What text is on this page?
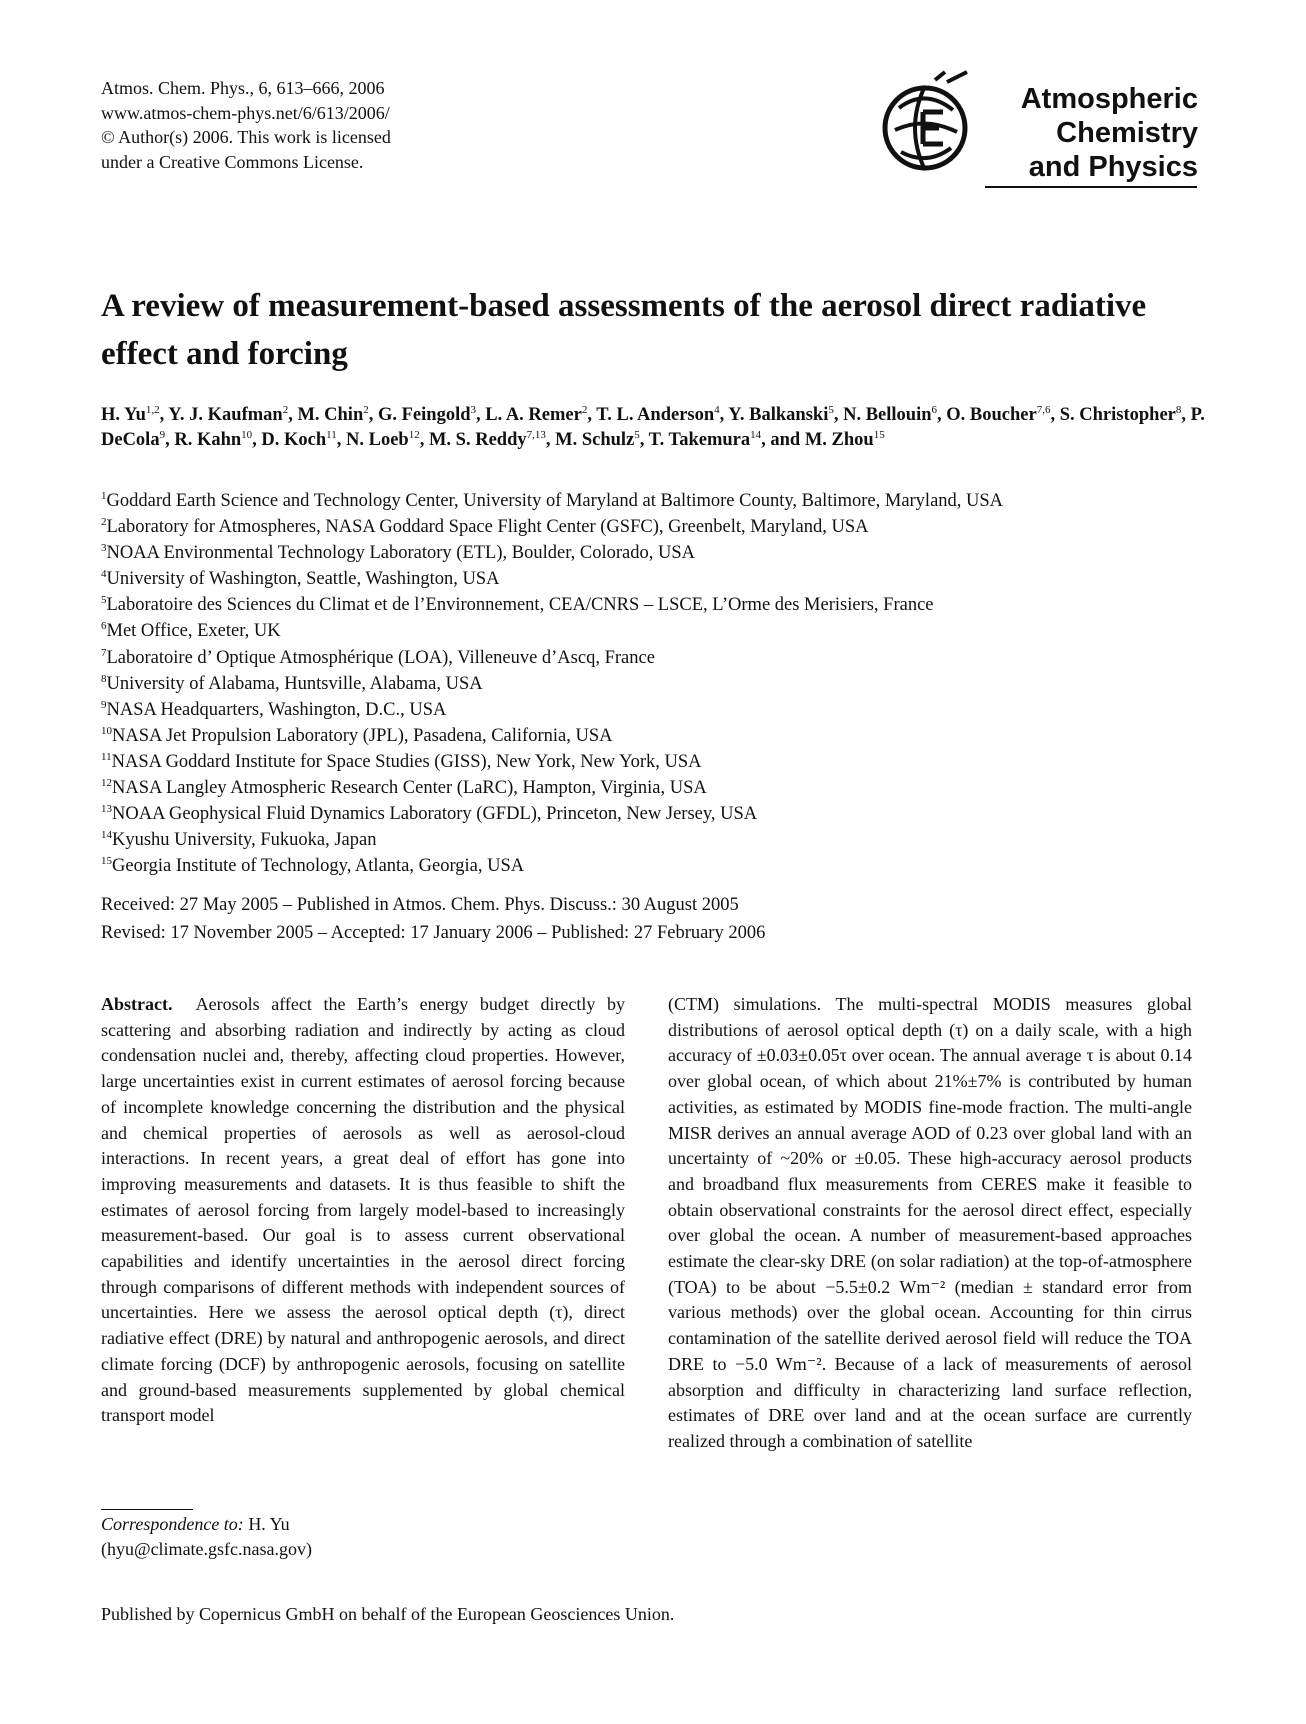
Atmos. Chem. Phys., 6, 613–666, 2006
www.atmos-chem-phys.net/6/613/2006/
© Author(s) 2006. This work is licensed
under a Creative Commons License.
Atmospheric
Chemistry
and Physics
A review of measurement-based assessments of the aerosol direct radiative effect and forcing
H. Yu$^{1,2}$, Y. J. Kaufman$^2$, M. Chin$^2$, G. Feingold$^3$, L. A. Remer$^2$, T. L. Anderson$^4$, Y. Balkanski$^5$, N. Bellouin$^6$, O. Boucher$^{7,6}$, S. Christopher$^8$, P. DeCola$^9$, R. Kahn$^{10}$, D. Koch$^{11}$, N. Loeb$^{12}$, M. S. Reddy$^{7,13}$, M. Schulz$^5$, T. Takemura$^{14}$, and M. Zhou$^{15}$
$^1$Goddard Earth Science and Technology Center, University of Maryland at Baltimore County, Baltimore, Maryland, USA
$^2$Laboratory for Atmospheres, NASA Goddard Space Flight Center (GSFC), Greenbelt, Maryland, USA
$^3$NOAA Environmental Technology Laboratory (ETL), Boulder, Colorado, USA
$^4$University of Washington, Seattle, Washington, USA
$^5$Laboratoire des Sciences du Climat et de l’Environnement, CEA/CNRS – LSCE, L’Orme des Merisiers, France
$^6$Met Office, Exeter, UK
$^7$Laboratoire d’ Optique Atmosphérique (LOA), Villeneuve d’Ascq, France
$^8$University of Alabama, Huntsville, Alabama, USA
$^9$NASA Headquarters, Washington, D.C., USA
$^{10}$NASA Jet Propulsion Laboratory (JPL), Pasadena, California, USA
$^{11}$NASA Goddard Institute for Space Studies (GISS), New York, New York, USA
$^{12}$NASA Langley Atmospheric Research Center (LaRC), Hampton, Virginia, USA
$^{13}$NOAA Geophysical Fluid Dynamics Laboratory (GFDL), Princeton, New Jersey, USA
$^{14}$Kyushu University, Fukuoka, Japan
$^{15}$Georgia Institute of Technology, Atlanta, Georgia, USA
Received: 27 May 2005 – Published in Atmos. Chem. Phys. Discuss.: 30 August 2005
Revised: 17 November 2005 – Accepted: 17 January 2006 – Published: 27 February 2006

Abstract. Aerosols affect the Earth’s energy budget directly by scattering and absorbing radiation and indirectly by acting as cloud condensation nuclei and, thereby, affecting cloud properties. However, large uncertainties exist in current estimates of aerosol forcing because of incomplete knowledge concerning the distribution and the physical and chemical properties of aerosols as well as aerosol-cloud interactions. In recent years, a great deal of effort has gone into improving measurements and datasets. It is thus feasible to shift the estimates of aerosol forcing from largely model-based to increasingly measurement-based. Our goal is to assess current observational capabilities and identify uncertainties in the aerosol direct forcing through comparisons of different methods with independent sources of uncertainties. Here we assess the aerosol optical depth (τ), direct radiative effect (DRE) by natural and anthropogenic aerosols, and direct climate forcing (DCF) by anthropogenic aerosols, focusing on satellite and ground-based measurements supplemented by global chemical transport model

(CTM) simulations. The multi-spectral MODIS measures global distributions of aerosol optical depth (τ) on a daily scale, with a high accuracy of ±0.03±0.05τ over ocean. The annual average τ is about 0.14 over global ocean, of which about 21%±7% is contributed by human activities, as estimated by MODIS fine-mode fraction. The multi-angle MISR derives an annual average AOD of 0.23 over global land with an uncertainty of ~20% or ±0.05. These high-accuracy aerosol products and broadband flux measurements from CERES make it feasible to obtain observational constraints for the aerosol direct effect, especially over global the ocean. A number of measurement-based approaches estimate the clear-sky DRE (on solar radiation) at the top-of-atmosphere (TOA) to be about −5.5±0.2 Wm⁻² (median ± standard error from various methods) over the global ocean. Accounting for thin cirrus contamination of the satellite derived aerosol field will reduce the TOA DRE to −5.0 Wm⁻². Because of a lack of measurements of aerosol absorption and difficulty in characterizing land surface reflection, estimates of DRE over land and at the ocean surface are currently realized through a combination of satellite

Correspondence to: H. Yu
(hyu@climate.gsfc.nasa.gov)
Published by Copernicus GmbH on behalf of the European Geosciences Union.
